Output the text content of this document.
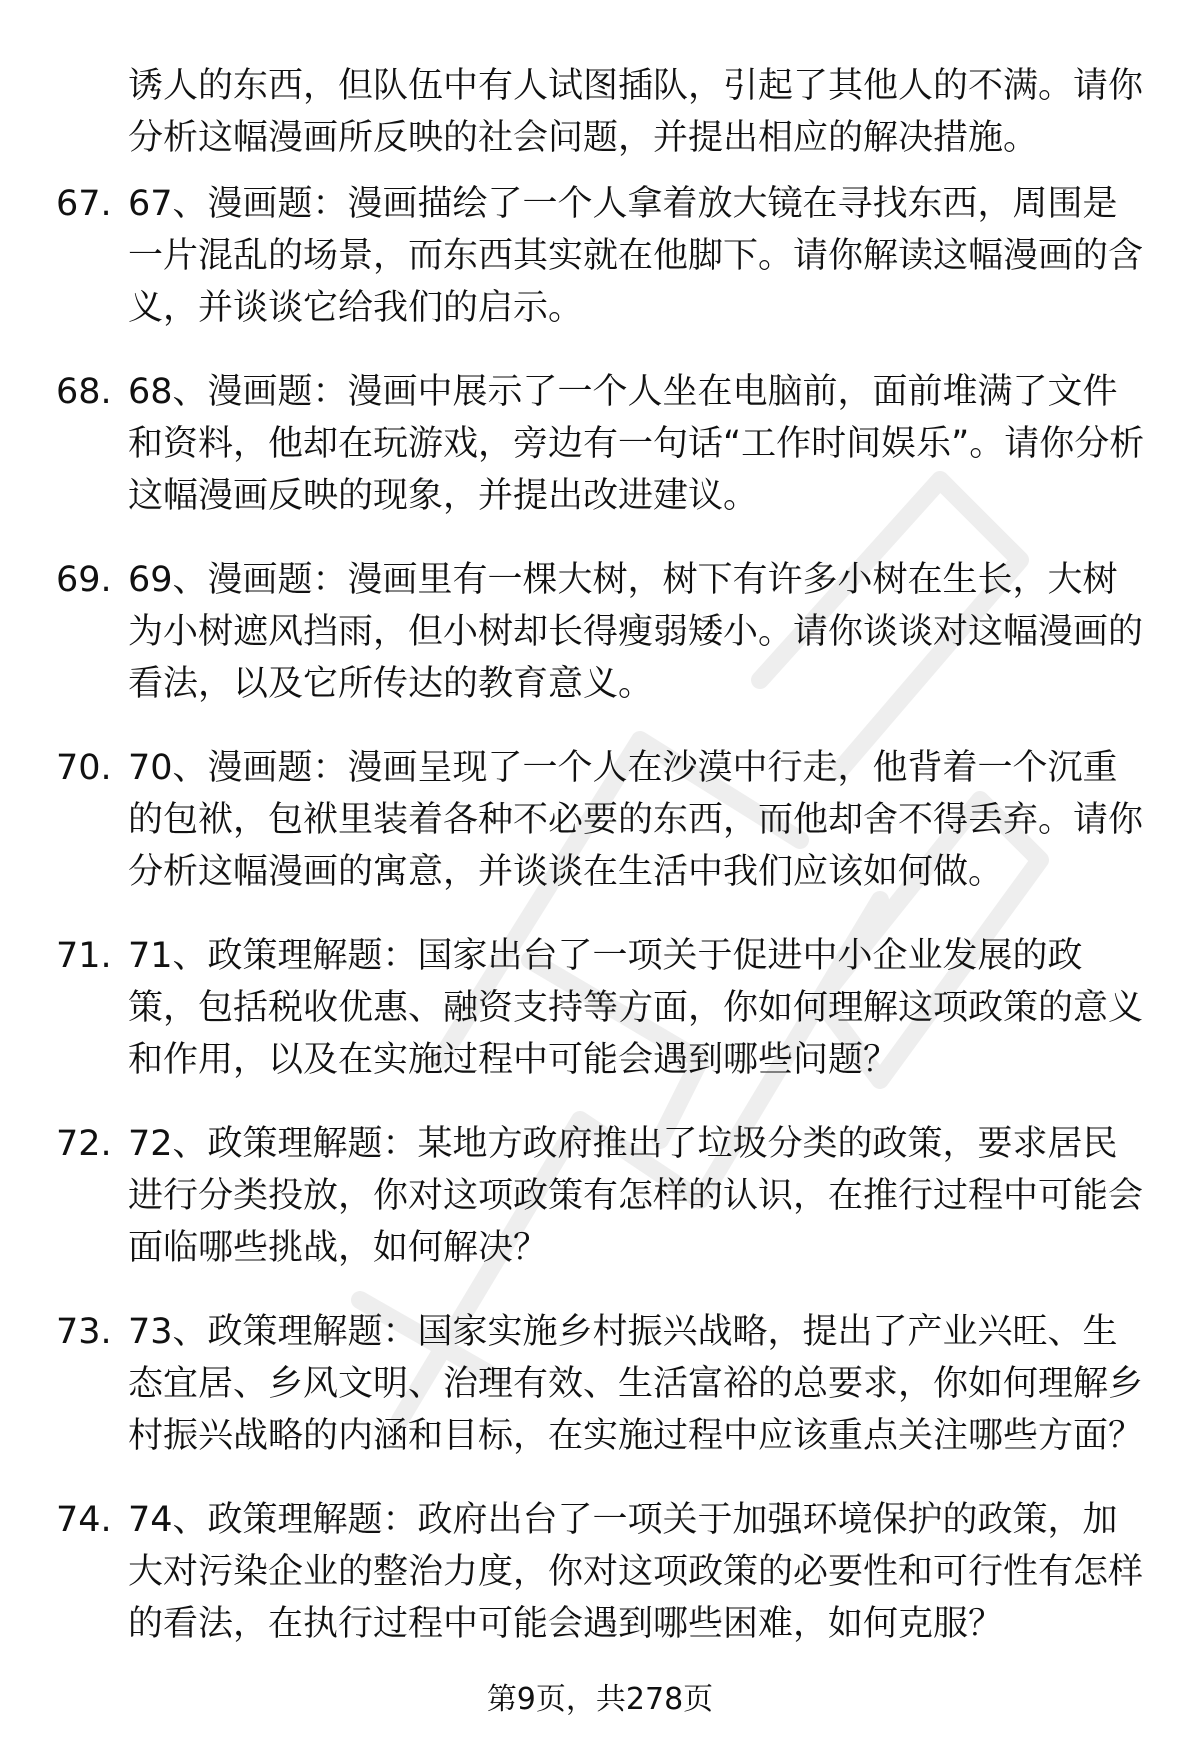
诱人的东西，但队伍中有人试图插队，引起了其他人的不满。请你分析这幅漫画所反映的社会问题，并提出相应的解决措施。

67. 67、漫画题：漫画描绘了一个人拿着放大镜在寻找东西，周围是一片混乱的场景，而东西其实就在他脚下。请你解读这幅漫画的含义，并谈谈它给我们的启示。
68. 68、漫画题：漫画中展示了一个人坐在电脑前，面前堆满了文件和资料，他却在玩游戏，旁边有一句话“工作时间娱乐”。请你分析这幅漫画反映的现象，并提出改进建议。
69. 69、漫画题：漫画里有一棵大树，树下有许多小树在生长，大树为小树遮风挡雨，但小树却长得瘦弱矮小。请你谈谈对这幅漫画的看法，以及它所传达的教育意义。
70. 70、漫画题：漫画呈现了一个人在沙漠中行走，他背着一个沉重的包袱，包袱里装着各种不必要的东西，而他却舍不得丢弃。请你分析这幅漫画的寓意，并谈谈在生活中我们应该如何做。
71. 71、政策理解题：国家出台了一项关于促进中小企业发展的政策，包括税收优惠、融资支持等方面，你如何理解这项政策的意义和作用，以及在实施过程中可能会遇到哪些问题？
72. 72、政策理解题：某地方政府推出了垃圾分类的政策，要求居民进行分类投放，你对这项政策有怎样的认识，在推行过程中可能会面临哪些挑战，如何解决？
73. 73、政策理解题：国家实施乡村振兴战略，提出了产业兴旺、生态宜居、乡风文明、治理有效、生活富裕的总要求，你如何理解乡村振兴战略的内涵和目标，在实施过程中应该重点关注哪些方面？
74. 74、政策理解题：政府出台了一项关于加强环境保护的政策，加大对污染企业的整治力度，你对这项政策的必要性和可行性有怎样的看法，在执行过程中可能会遇到哪些困难，如何克服？
第9页，共278页
